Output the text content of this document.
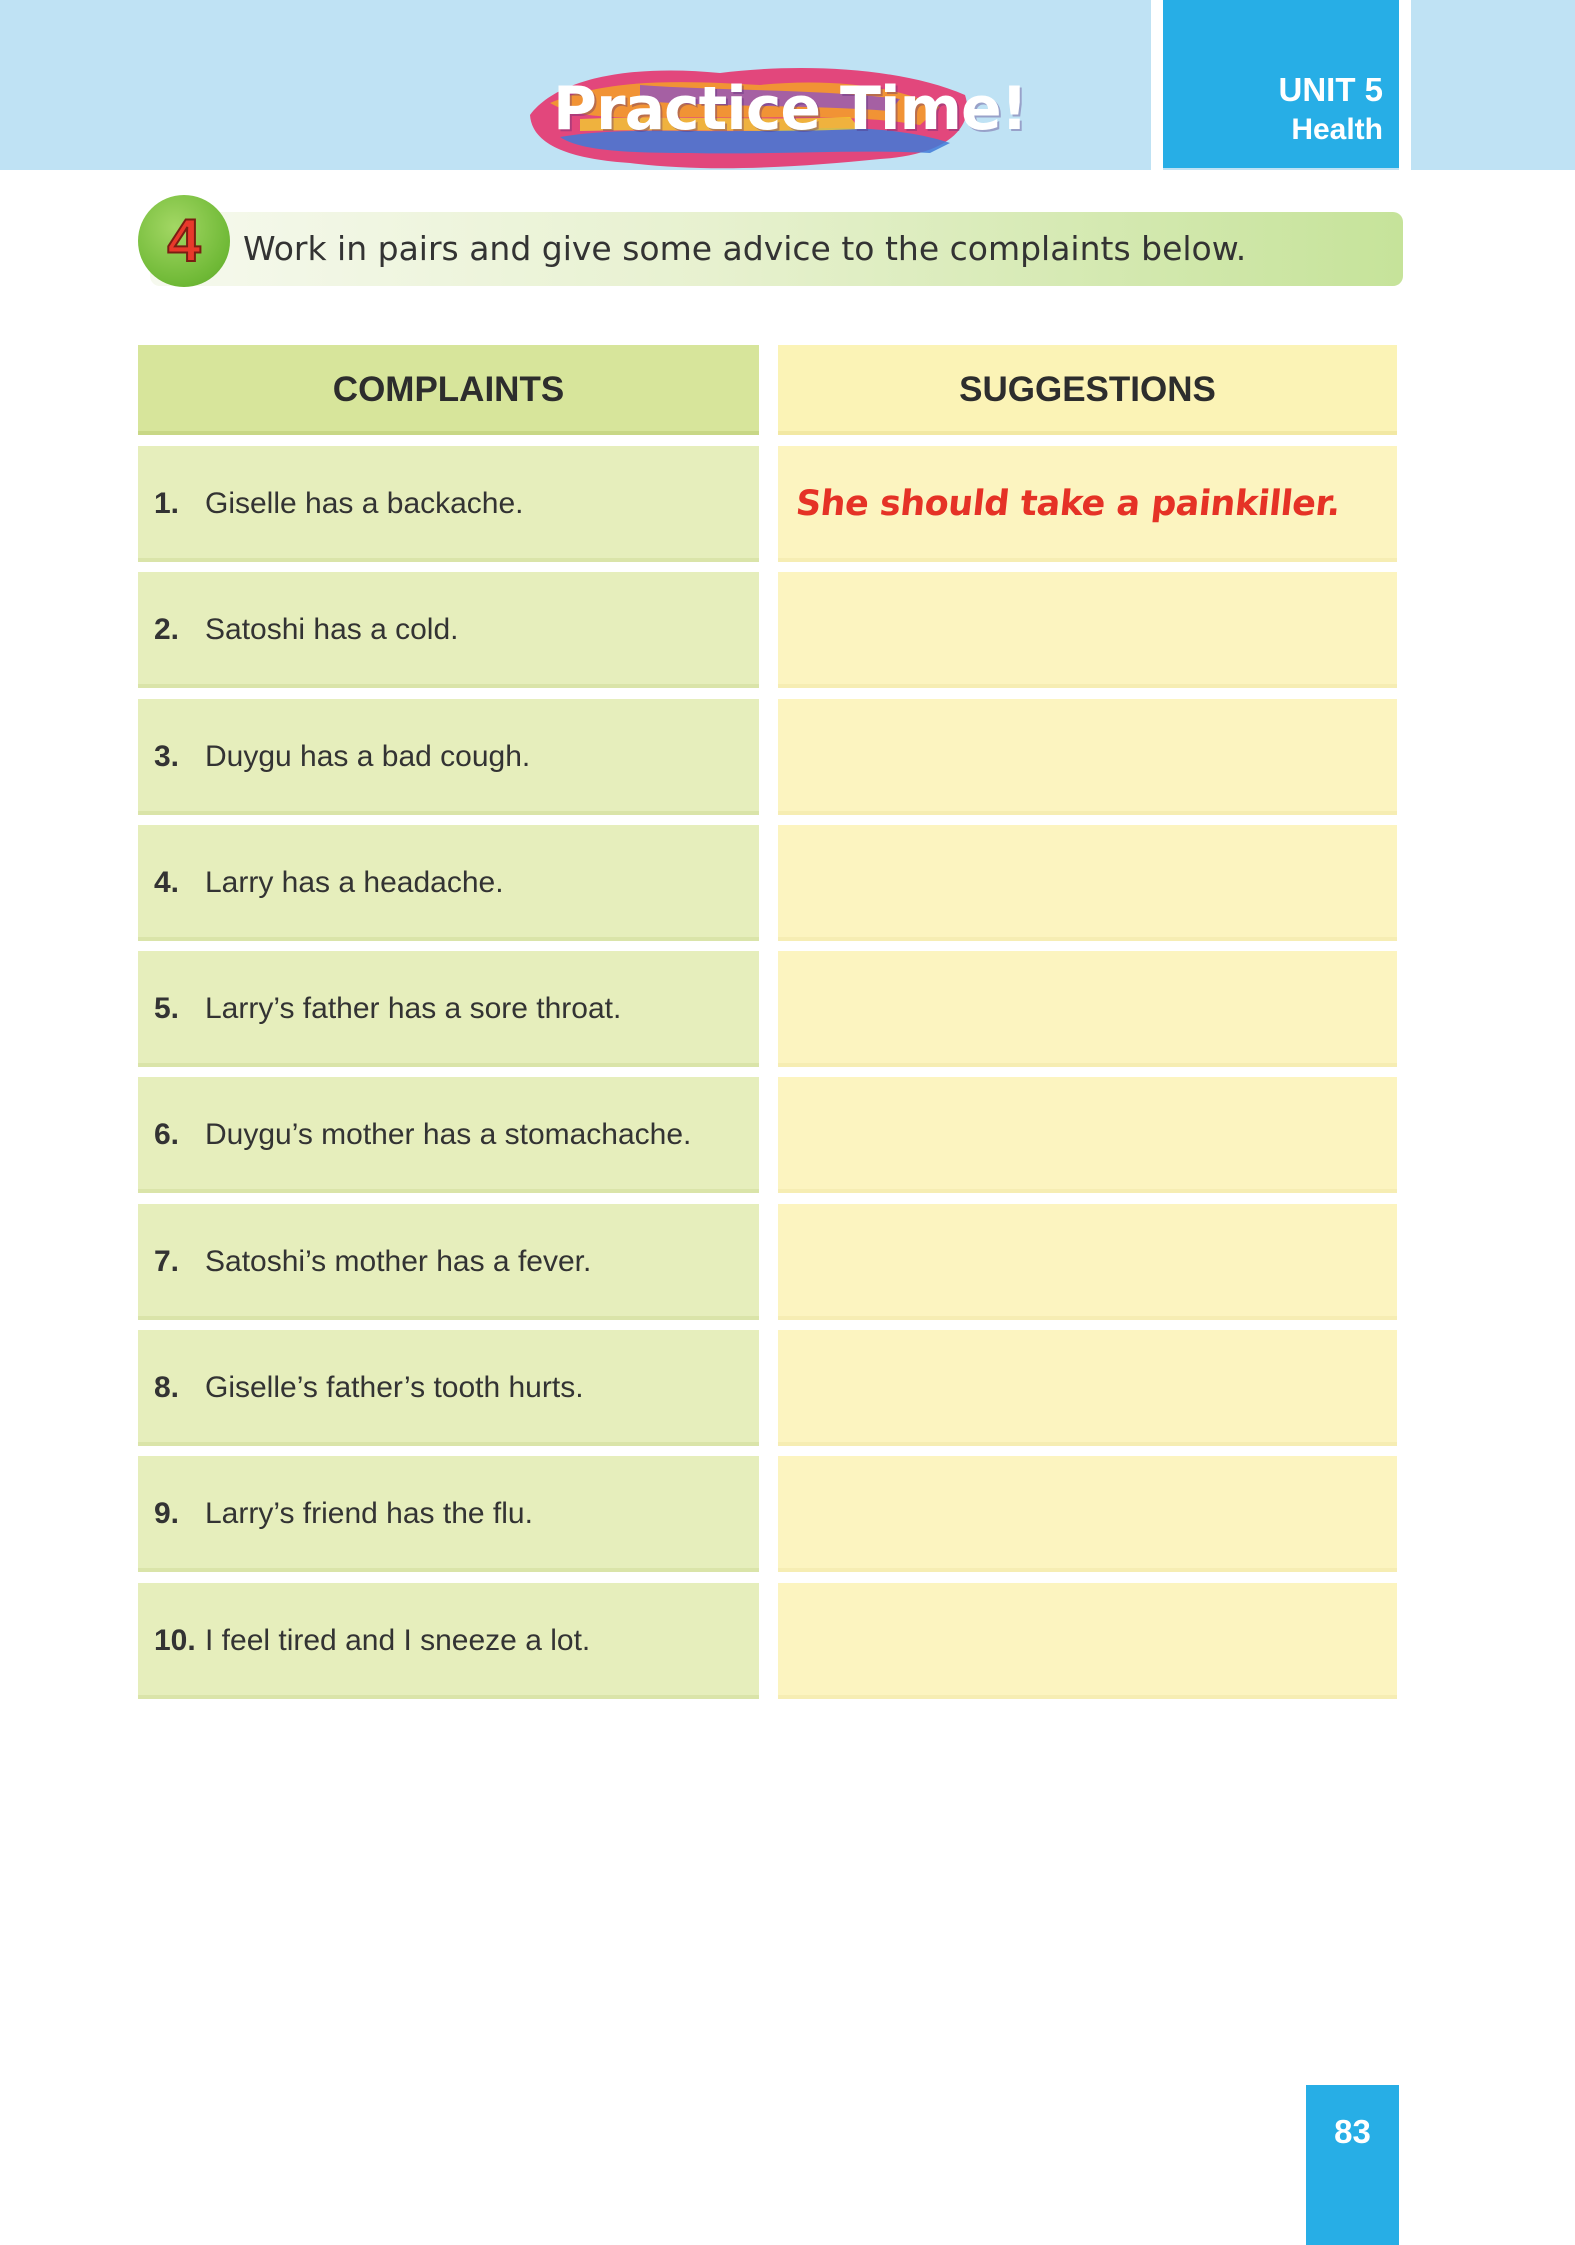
Practice Time!	UNIT 5
Health
4	Work in pairs and give some advice to the complaints below.
COMPLAINTS	SUGGESTIONS
1. Giselle has a backache.	She should take a painkiller.
2. Satoshi has a cold.
3. Duygu has a bad cough.
4. Larry has a headache.
5. Larry’s father has a sore throat.
6. Duygu’s mother has a stomachache.
7. Satoshi’s mother has a fever.
8. Giselle’s father’s tooth hurts.
9. Larry’s friend has the flu.
10. I feel tired and I sneeze a lot.
83
